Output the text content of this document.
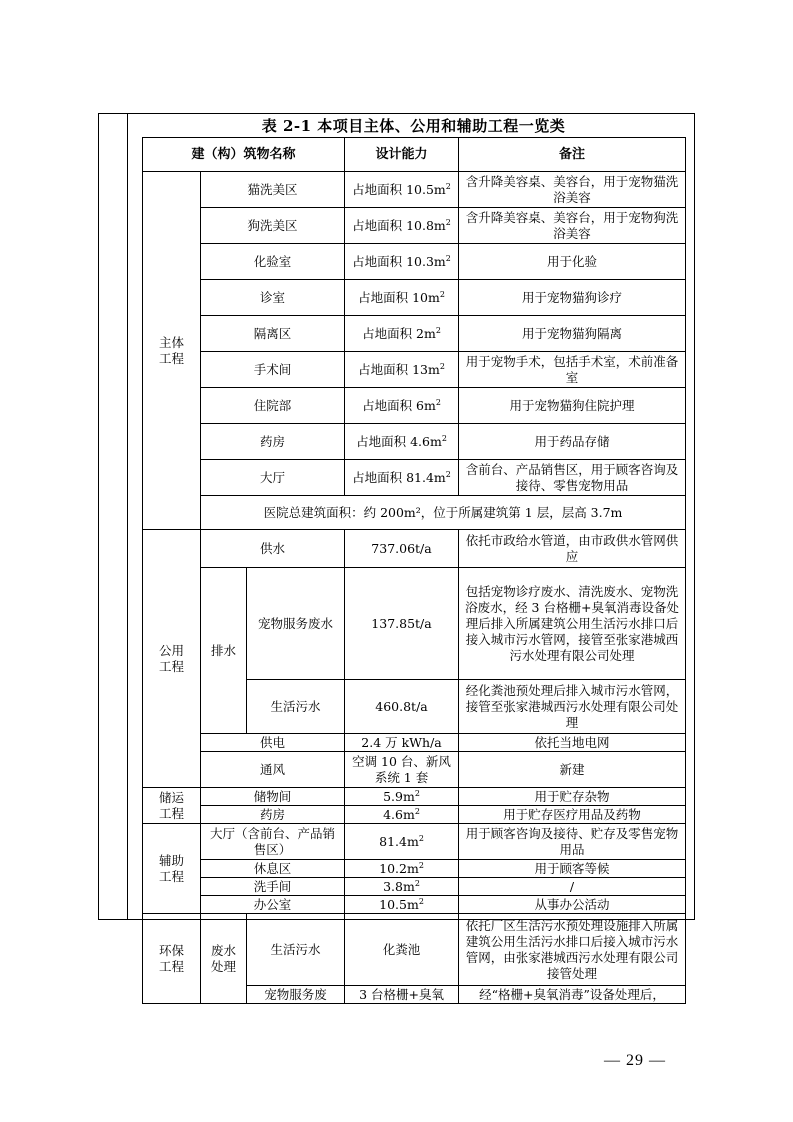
表 2-1 本项目主体、公用和辅助工程一览类
建（构）筑物名称			设计能力	备注
主体工程	猫洗美区		占地面积 $10.5m^2$	含升降美容桌、美容台，用于宠物猫洗浴美容
	狗洗美区		占地面积 $10.8m^2$	含升降美容桌、美容台，用于宠物狗洗浴美容
	化验室		占地面积 $10.3m^2$	用于化验
	诊室		占地面积 $10m^2$	用于宠物猫狗诊疗
	隔离区		占地面积 $2m^2$	用于宠物猫狗隔离
	手术间		占地面积 $13m^2$	用于宠物手术，包括手术室，术前准备室
	住院部		占地面积 $6m^2$	用于宠物猫狗住院护理
	药房		占地面积 $4.6m^2$	用于药品存储
	大厅		占地面积 $81.4m^2$	含前台、产品销售区，用于顾客咨询及接待、零售宠物用品
	医院总建筑面积：约 200m²，位于所属建筑第 1 层，层高 3.7m			
公用工程	供水		737.06t/a	依托市政给水管道，由市政供水管网供应
	排水	宠物服务废水	137.85t/a	包括宠物诊疗废水、清洗废水、宠物洗浴废水，经 3 台格栅+臭氧消毒设备处理后排入所属建筑公用生活污水排口后接入城市污水管网，接管至张家港城西污水处理有限公司处理
		生活污水	460.8t/a	经化粪池预处理后排入城市污水管网，接管至张家港城西污水处理有限公司处理
	供电		2.4 万 kWh/a	依托当地电网
	通风		空调 10 台、新风系统 1 套	新建
储运工程	储物间		$5.9m^2$	用于贮存杂物
	药房		$4.6m^2$	用于贮存医疗用品及药物
辅助工程	大厅（含前台、产品销售区）		$81.4m^2$	用于顾客咨询及接待、贮存及零售宠物用品
	休息区		$10.2m^2$	用于顾客等候
	洗手间		$3.8m^2$	/
	办公室		$10.5m^2$	从事办公活动
环保工程	废水处理	生活污水	化粪池	依托厂区生活污水预处理设施排入所属建筑公用生活污水排口后接入城市污水管网，由张家港城西污水处理有限公司接管处理
		宠物服务废	3 台格栅+臭氧	经“格栅+臭氧消毒”设备处理后，
— 29 —
